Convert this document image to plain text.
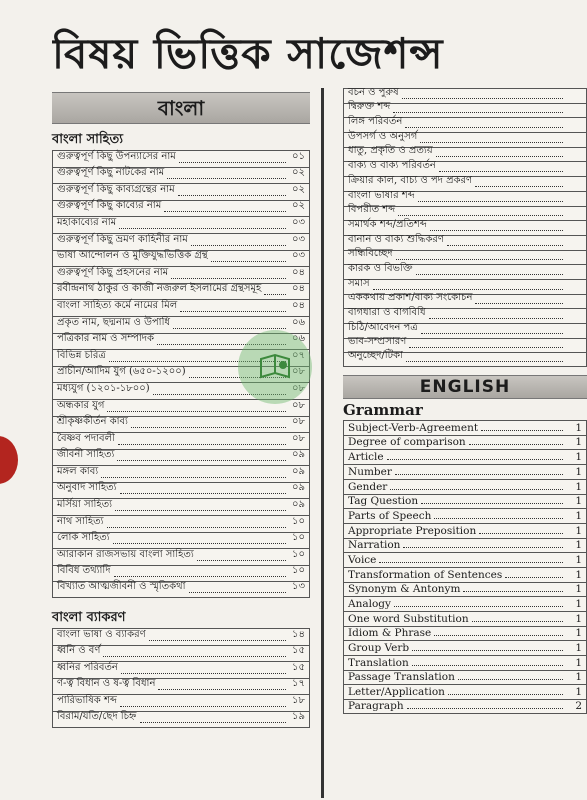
বিষয় ভিত্তিক সাজেশন্স
বাংলা
বাংলা সাহিত্য
গুরুত্বপূর্ণ কিছু উপন্যাসের নাম	০১
গুরুত্বপূর্ণ কিছু নাটকের নাম	০২
গুরুত্বপূর্ণ কিছু কাব্যগ্রন্থের নাম	০২
গুরুত্বপূর্ণ কিছু কাব্যের নাম	০২
মহাকাব্যের নাম	০৩
গুরুত্বপূর্ণ কিছু ভ্রমণ কাহিনীর নাম	০৩
ভাষা আন্দোলন ও মুক্তিযুদ্ধভিত্তিক গ্রন্থ	০৩
গুরুত্বপূর্ণ কিছু প্রহসনের নাম	০৪
রবীন্দ্রনাথ ঠাকুর ও কাজী নজরুল ইসলামের গ্রন্থসমূহ	০৪
বাংলা সাহিত্য কর্মে নামের মিল	০৪
প্রকৃত নাম, ছদ্মনাম ও উপাধি	০৬
পত্রিকার নাম ও সম্পাদক	০৬
বিভিন্ন চরিত্র	০৭
প্রাচীন/আদিম যুগ (৬৫০-১২০০)	০৮
মধ্যযুগ (১২০১-১৮০০)	০৮
অন্ধকার যুগ	০৮
শ্রীকৃষ্ণকীর্তন কাব্য	০৮
বৈষ্ণব পদাবলী	০৮
জীবনী সাহিত্য	০৯
মঙ্গল কাব্য	০৯
অনুবাদ সাহিত্য	০৯
মর্সিয়া সাহিত্য	০৯
নাথ সাহিত্য	১০
লোক সাহিত্য	১০
আরাকান রাজসভায় বাংলা সাহিত্য	১০
বিবিধ তথ্যাদি	১০
বিখ্যাত আত্মজীবনী ও স্মৃতিকথা	১৩
বাংলা ব্যাকরণ
বাংলা ভাষা ও ব্যাকরণ	১৪
ধ্বনি ও বর্ণ	১৫
ধ্বনির পরিবর্তন	১৫
ণ-ত্ব বিধান ও ষ-ত্ব বিধান	১৭
পারিভাষিক শব্দ	১৮
বিরাম/যতি/ছেদ চিহ্ন	১৯
বচন ও পুরুষ
দ্বিরুক্ত শব্দ
লিঙ্গ পরিবর্তন
উপসর্গ ও অনুসর্গ
ধাতু, প্রকৃতি ও প্রত্যয়
বাক্য ও বাক্য পরিবর্তন
ক্রিয়ার কাল, বাচ্য ও পদ প্রকরণ
বাংলা ভাষার শব্দ
বিপরীত শব্দ
সমার্থক শব্দ/প্রতিশব্দ
বানান ও বাক্য শুদ্ধিকরণ
সন্ধিবিচ্ছেদ
কারক ও বিভক্তি
সমাস
এককথায় প্রকাশ/বাক্য সংকোচন
বাগধারা ও বাগবিধি
চিঠি/আবেদন পত্র
ভাব-সম্প্রসারণ
অনুচ্ছেদ/টিকা
ENGLISH
Grammar
Subject-Verb-Agreement	1
Degree of comparison	1
Article	1
Number	1
Gender	1
Tag Question	1
Parts of Speech	1
Appropriate Preposition	1
Narration	1
Voice	1
Transformation of Sentences	1
Synonym & Antonym	1
Analogy	1
One word Substitution	1
Idiom & Phrase	1
Group Verb	1
Translation	1
Passage Translation	1
Letter/Application	1
Paragraph	2
